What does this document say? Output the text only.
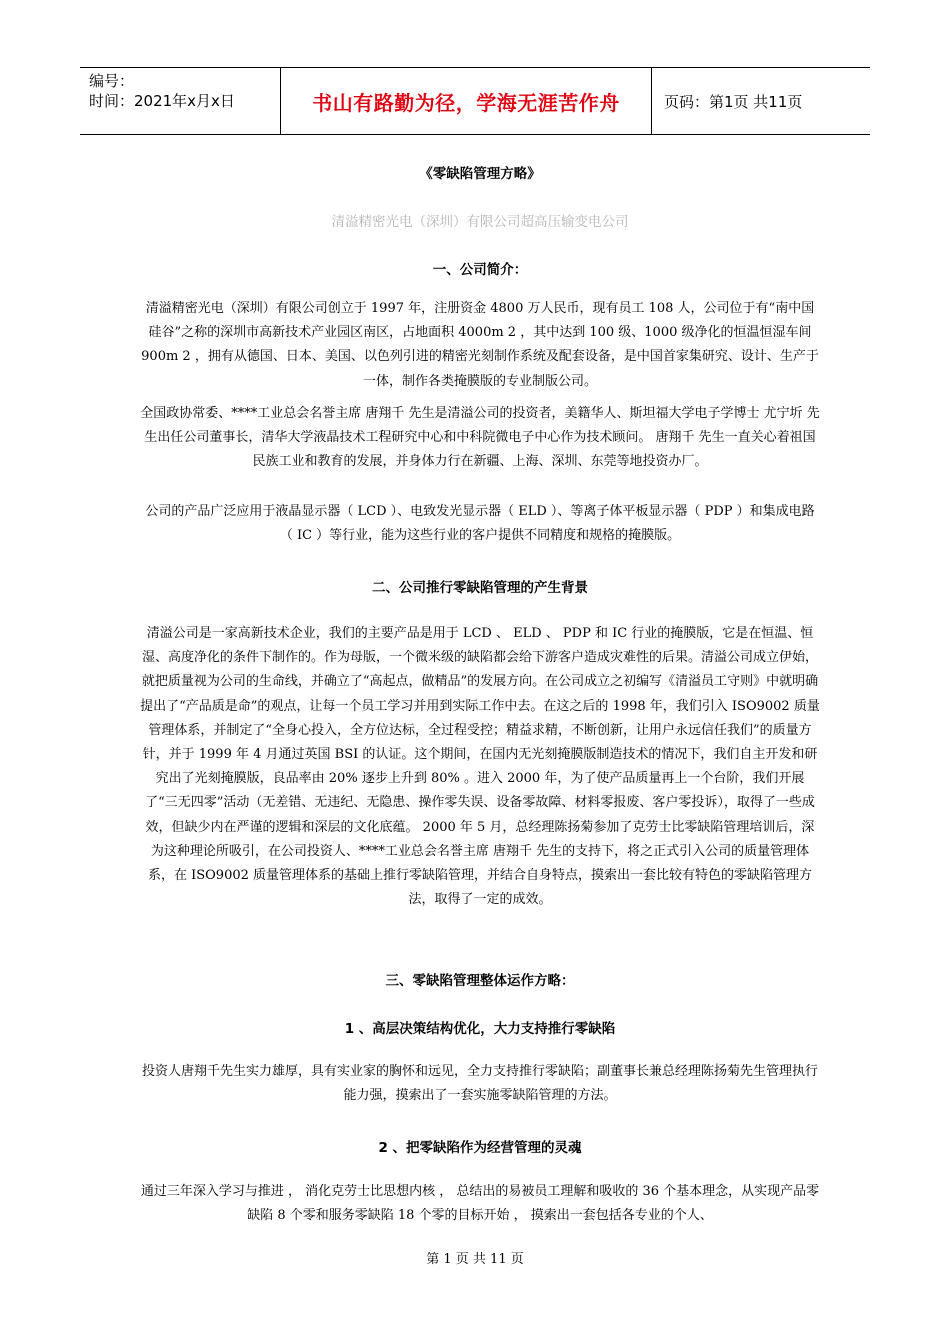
编号：
时间：2021年x月x日	书山有路勤为径，学海无涯苦作舟	页码：第1页 共11页
《零缺陷管理方略》
清溢精密光电（深圳）有限公司超高压输变电公司
一、公司简介：
清溢精密光电（深圳）有限公司创立于 1997 年，注册资金 4800 万人民币，现有员工 108 人，公司位于有“南中国硅谷”之称的深圳市高新技术产业园区南区，占地面积 4000m 2 ，其中达到 100 级、1000 级净化的恒温恒湿车间 900m 2 ，拥有从德国、日本、美国、以色列引进的精密光刻制作系统及配套设备，是中国首家集研究、设计、生产于一体，制作各类掩膜版的专业制版公司。
全国政协常委、****工业总会名誉主席 唐翔千 先生是清溢公司的投资者，美籍华人、斯坦福大学电子学博士 尤宁圻 先生出任公司董事长，清华大学液晶技术工程研究中心和中科院微电子中心作为技术顾问。 唐翔千 先生一直关心着祖国民族工业和教育的发展，并身体力行在新疆、上海、深圳、东莞等地投资办厂。
公司的产品广泛应用于液晶显示器（ LCD ）、电致发光显示器（ ELD ）、等离子体平板显示器（ PDP ）和集成电路（ IC ）等行业，能为这些行业的客户提供不同精度和规格的掩膜版。
二、公司推行零缺陷管理的产生背景
清溢公司是一家高新技术企业，我们的主要产品是用于 LCD 、 ELD 、 PDP 和 IC 行业的掩膜版，它是在恒温、恒湿、高度净化的条件下制作的。作为母版，一个微米级的缺陷都会给下游客户造成灾难性的后果。清溢公司成立伊始，就把质量视为公司的生命线，并确立了“高起点，做精品”的发展方向。在公司成立之初编写《清溢员工守则》中就明确提出了“产品质是命”的观点，让每一个员工学习并用到实际工作中去。在这之后的 1998 年，我们引入 ISO9002 质量管理体系，并制定了“全身心投入，全方位达标，全过程受控；精益求精，不断创新，让用户永远信任我们”的质量方针，并于 1999 年 4 月通过英国 BSI 的认证。这个期间，在国内无光刻掩膜版制造技术的情况下，我们自主开发和研究出了光刻掩膜版，良品率由 20% 逐步上升到 80% 。进入 2000 年，为了使产品质量再上一个台阶，我们开展了“三无四零”活动（无差错、无违纪、无隐患、操作零失误、设备零故障、材料零报废、客户零投诉），取得了一些成效，但缺少内在严谨的逻辑和深层的文化底蕴。 2000 年 5 月，总经理陈扬菊参加了克劳士比零缺陷管理培训后，深为这种理论所吸引，在公司投资人、****工业总会名誉主席 唐翔千 先生的支持下，将之正式引入公司的质量管理体系，在 ISO9002 质量管理体系的基础上推行零缺陷管理，并结合自身特点，摸索出一套比较有特色的零缺陷管理方法，取得了一定的成效。
三、零缺陷管理整体运作方略：
1 、高层决策结构优化，大力支持推行零缺陷
投资人唐翔千先生实力雄厚，具有实业家的胸怀和远见，全力支持推行零缺陷；副董事长兼总经理陈扬菊先生管理执行能力强，摸索出了一套实施零缺陷管理的方法。
2 、把零缺陷作为经营管理的灵魂
通过三年深入学习与推进 ， 消化克劳士比思想内核 ， 总结出的易被员工理解和吸收的 36 个基本理念，从实现产品零缺陷 8 个零和服务零缺陷 18 个零的目标开始 ， 摸索出一套包括各专业的个人、
第 1 页 共 11 页
